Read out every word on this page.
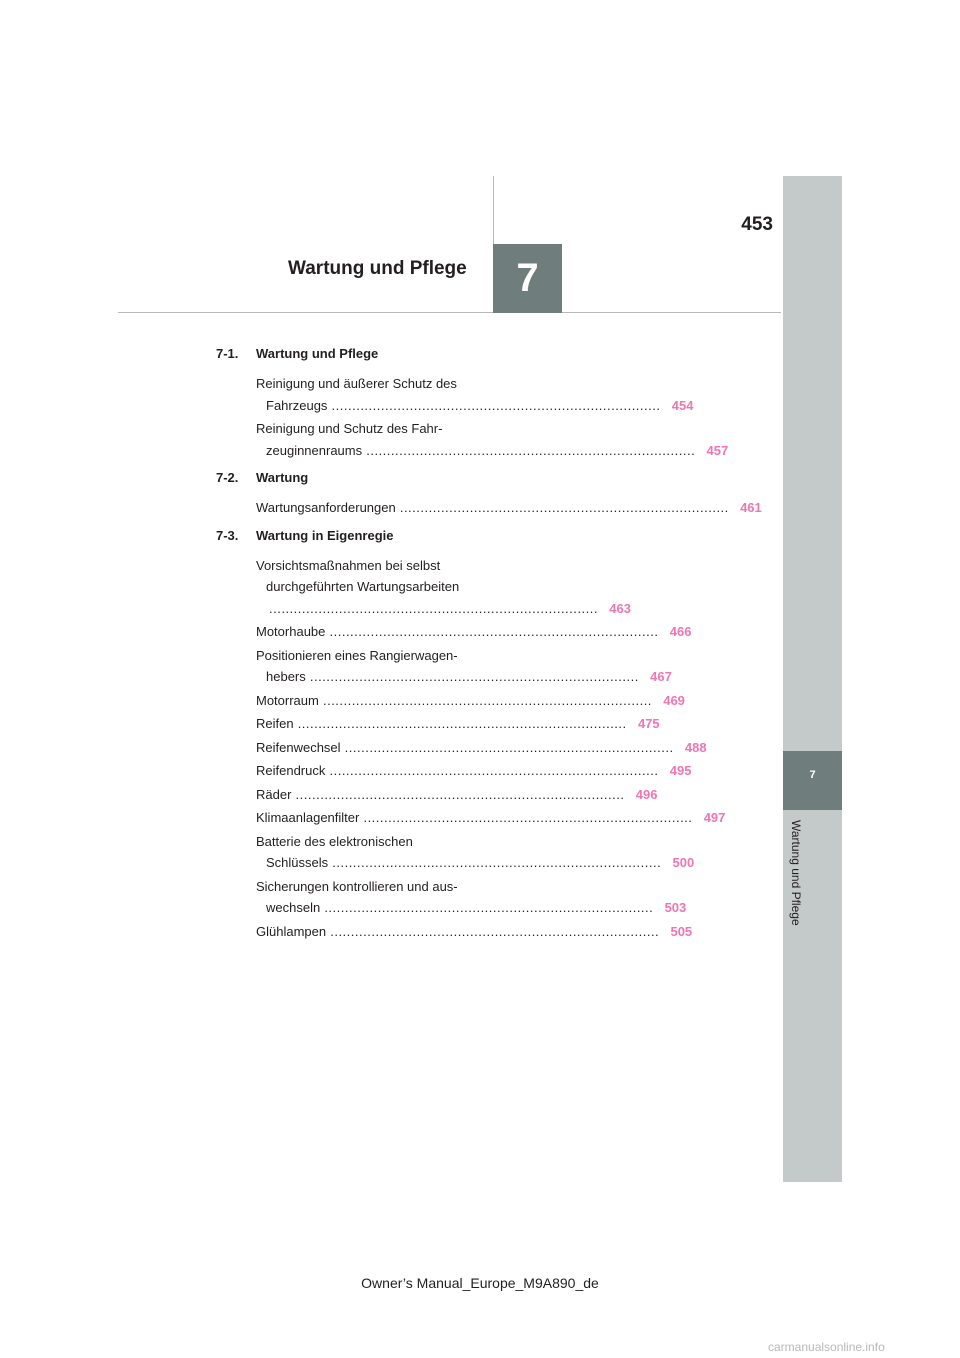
453
7
Wartung und Pflege
7
Wartung und Pflege
7-1.	Wartung und Pflege
Reinigung und äußerer Schutz des
Fahrzeugs ................................................................................ 454
Reinigung und Schutz des Fahr-
zeuginnenraums ................................................................................ 457
7-2.	Wartung
Wartungsanforderungen ................................................................................ 461
7-3.	Wartung in Eigenregie
Vorsichtsmaßnahmen bei selbst
durchgeführten Wartungsarbeiten
................................................................................ 463
Motorhaube ................................................................................ 466
Positionieren eines Rangierwagen-
hebers ................................................................................ 467
Motorraum ................................................................................ 469
Reifen ................................................................................ 475
Reifenwechsel ................................................................................ 488
Reifendruck ................................................................................ 495
Räder ................................................................................ 496
Klimaanlagenfilter ................................................................................ 497
Batterie des elektronischen
Schlüssels ................................................................................ 500
Sicherungen kontrollieren und aus-
wechseln ................................................................................ 503
Glühlampen ................................................................................ 505
Owner’s Manual_Europe_M9A890_de
carmanualsonline.info
